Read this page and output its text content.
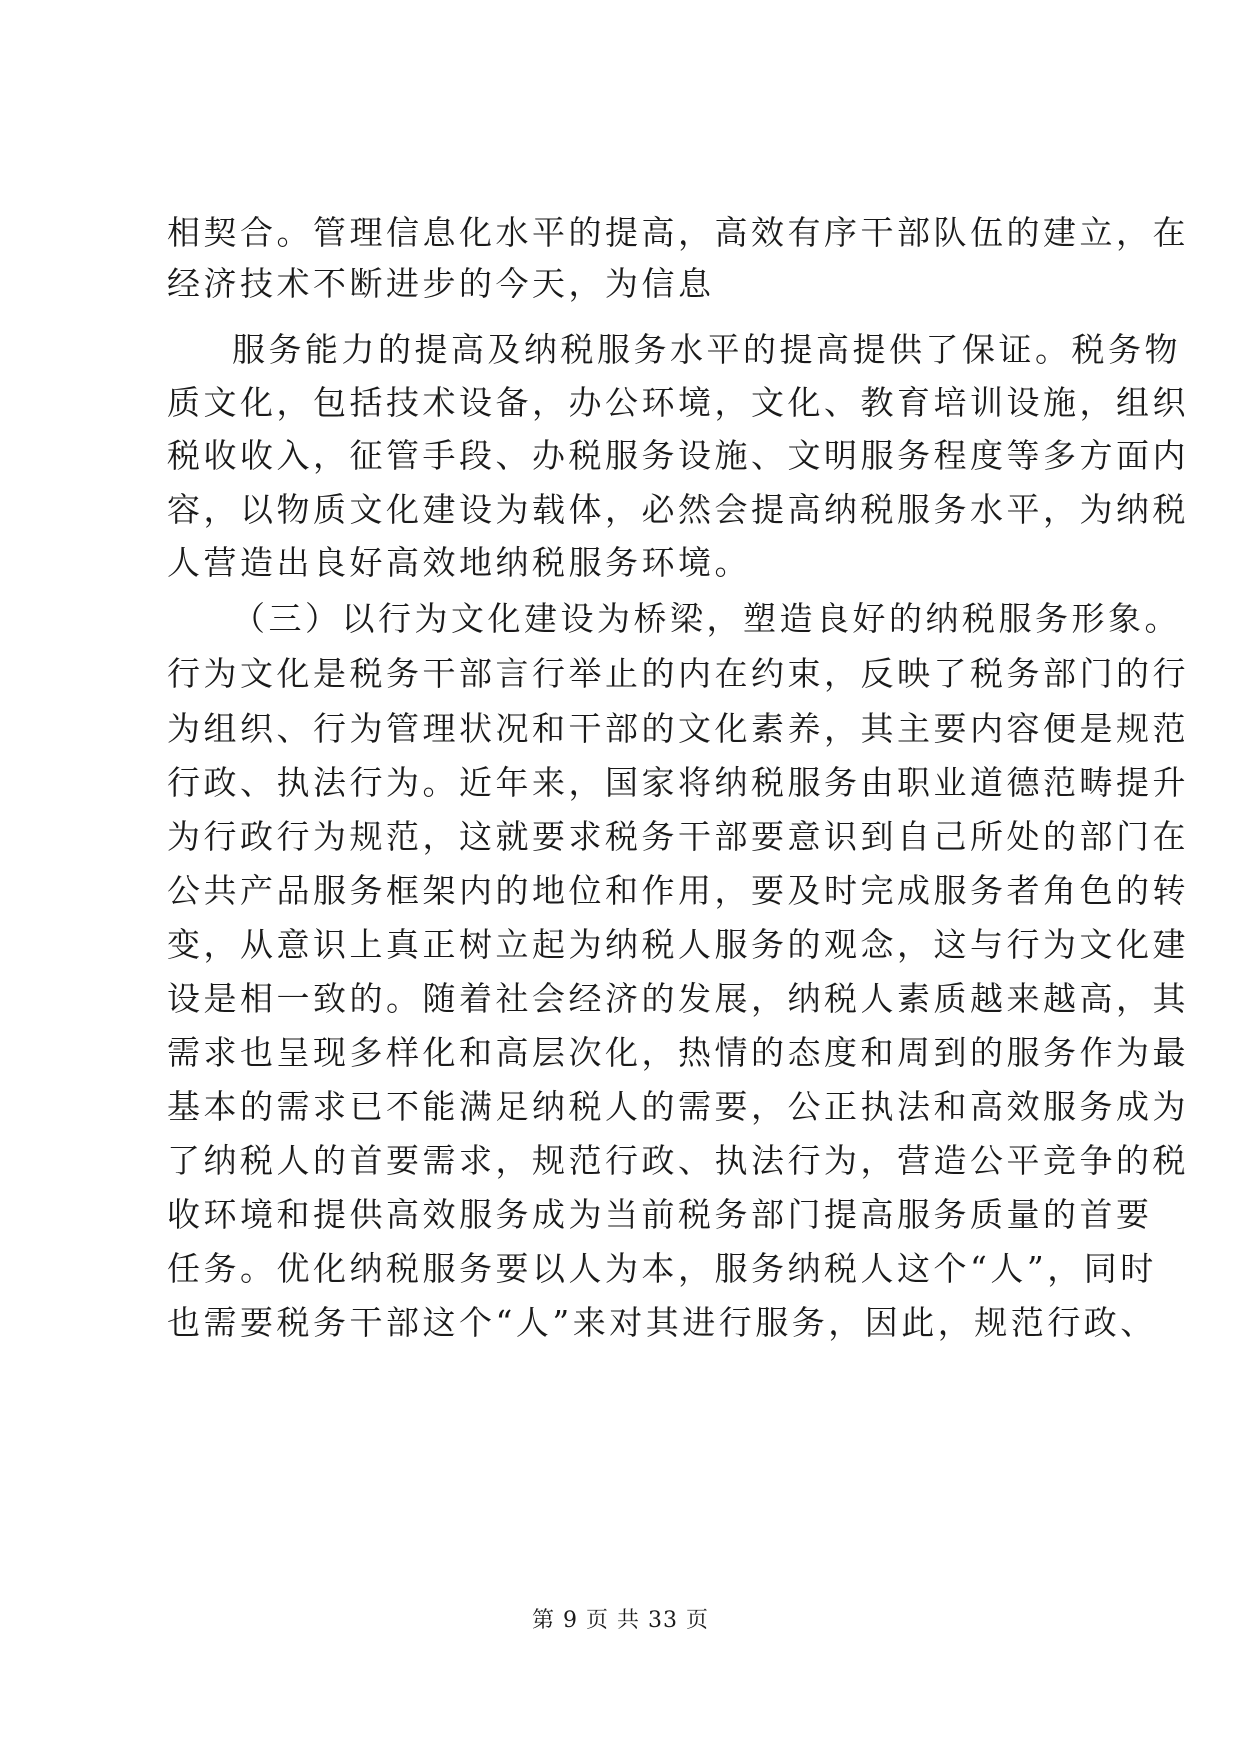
相契合。管理信息化水平的提高，高效有序干部队伍的建立，在
经济技术不断进步的今天，为信息
服务能力的提高及纳税服务水平的提高提供了保证。税务物
质文化，包括技术设备，办公环境，文化、教育培训设施，组织
税收收入，征管手段、办税服务设施、文明服务程度等多方面内
容，以物质文化建设为载体，必然会提高纳税服务水平，为纳税
人营造出良好高效地纳税服务环境。
（三）以行为文化建设为桥梁，塑造良好的纳税服务形象。
行为文化是税务干部言行举止的内在约束，反映了税务部门的行
为组织、行为管理状况和干部的文化素养，其主要内容便是规范
行政、执法行为。近年来，国家将纳税服务由职业道德范畴提升
为行政行为规范，这就要求税务干部要意识到自己所处的部门在
公共产品服务框架内的地位和作用，要及时完成服务者角色的转
变，从意识上真正树立起为纳税人服务的观念，这与行为文化建
设是相一致的。随着社会经济的发展，纳税人素质越来越高，其
需求也呈现多样化和高层次化，热情的态度和周到的服务作为最
基本的需求已不能满足纳税人的需要，公正执法和高效服务成为
了纳税人的首要需求，规范行政、执法行为，营造公平竞争的税
收环境和提供高效服务成为当前税务部门提高服务质量的首要
任务。优化纳税服务要以人为本，服务纳税人这个“人”，同时
也需要税务干部这个“人”来对其进行服务，因此，规范行政、
第 9 页 共 33 页
